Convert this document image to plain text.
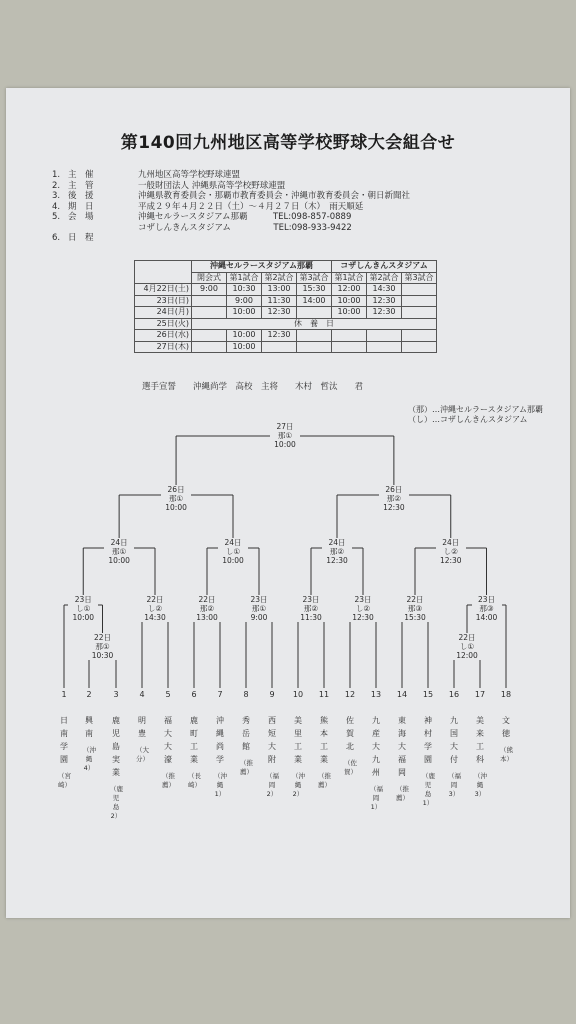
第140回九州地区高等学校野球大会組合せ
1. 主　催	九州地区高等学校野球連盟
2. 主　管	一般財団法人 沖縄県高等学校野球連盟
3. 後　援	沖縄県教育委員会・那覇市教育委員会・沖縄市教育委員会・朝日新聞社
4. 期　日	平成２９年４月２２日（土）〜４月２７日（木）　雨天順延
5. 会　場	沖縄セルラースタジアム那覇　　　TEL:098-857-0889
コザしんきんスタジアム　　　　　TEL:098-933-9422
6. 日　程
	沖縄セルラースタジアム那覇				コザしんきんスタジアム		
	開会式	第1試合	第2試合	第3試合	第1試合	第2試合	第3試合
4月22日(土)	9:00	10:30	13:00	15:30	12:00	14:30	
23日(日)		9:00	11:30	14:00	10:00	12:30	
24日(月)		10:00	12:30		10:00	12:30	
25日(火)	休　養　日						
26日(水)		10:00	12:30				
27日(木)		10:00					
選手宣誓　　沖縄尚学　高校　主将　　木村　哲汰　　君
（那）…沖縄セルラースタジアム那覇
（し）…コザしんきんスタジアム
27日
那①
10:00
26日
那①
10:00
26日
那②
12:30
24日
那①
10:00
24日
し①
10:00
24日
那②
12:30
24日
し②
12:30
23日
し①
10:00
22日
し②
14:30
22日
那②
13:00
23日
那①
9:00
23日
那②
11:30
23日
し②
12:30
22日
那③
15:30
23日
那③
14:00
22日
那①
10:30
22日
し①
12:00
1

日
南
学
園
（宮崎）
2

興
南
（沖縄4）
3

鹿
児
島
実
業
（鹿児島2）
4

明
豊
（大分）
5

福
大
大
濠
（推薦）
6

鹿
町
工
業
（長崎）
7

沖
縄
尚
学
（沖縄1）
8

秀
岳
館
（推薦）
9

西
短
大
附
（福岡2）
10

美
里
工
業
（沖縄2）
11

熊
本
工
業
（推薦）
12

佐
賀
北
（佐賀）
13

九
産
大
九
州
（福岡1）
14

東
海
大
福
岡
（推薦）
15

神
村
学
園
（鹿児島1）
16

九
国
大
付
（福岡3）
17

美
来
工
科
（沖縄3）
18

文
徳
（熊本）
